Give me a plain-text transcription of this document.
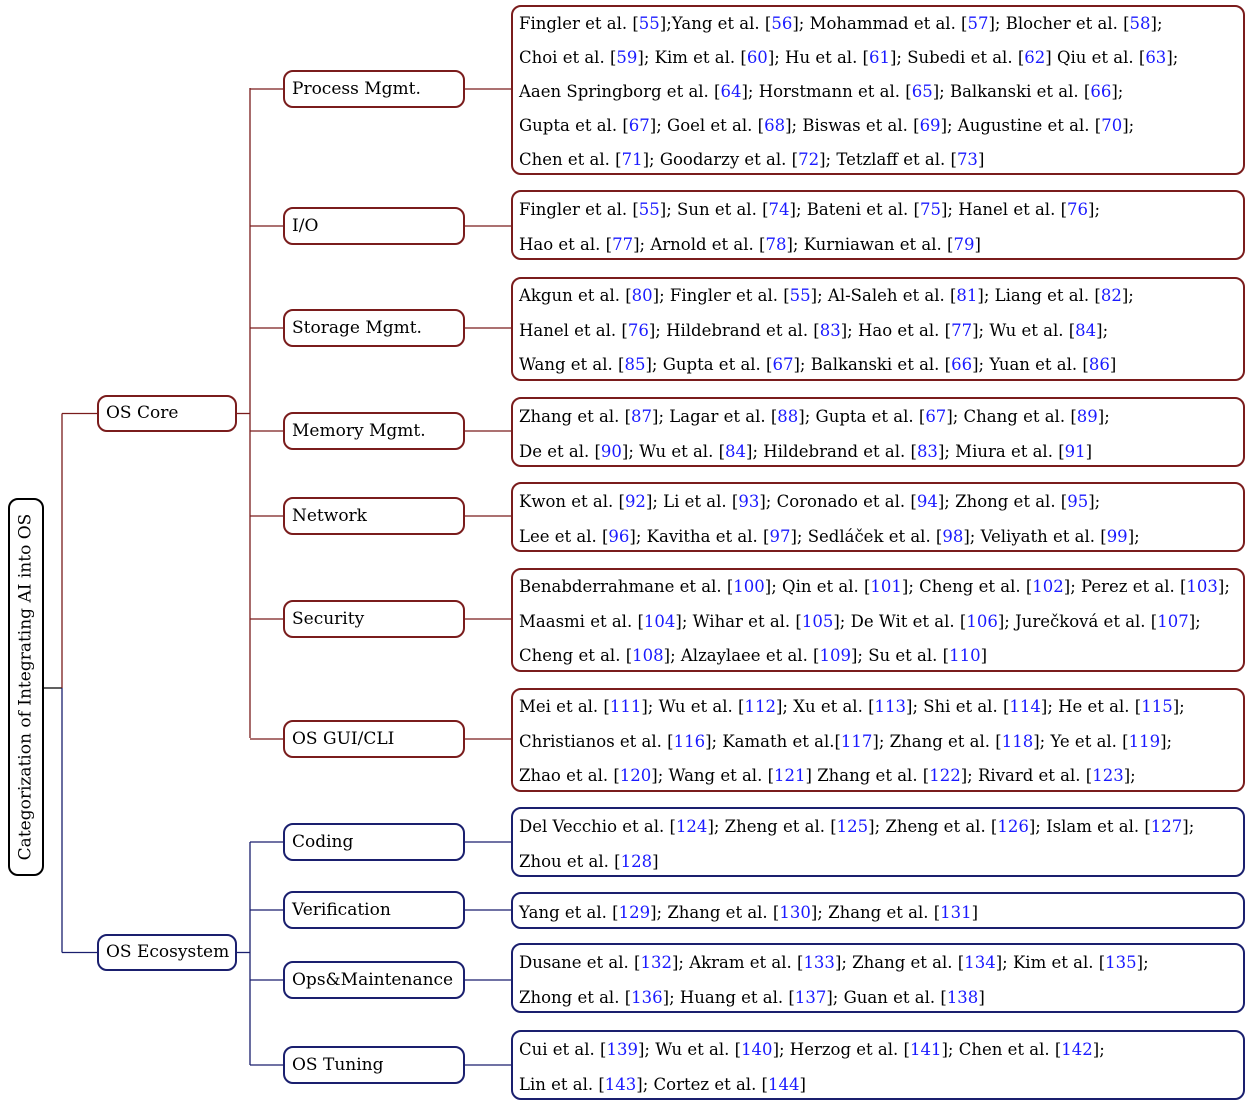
Categorization of Integrating AI into OS
OS Core
Process Mgmt.
Fingler et al. [55];Yang et al. [56]; Mohammad et al. [57]; Blocher et al. [58];
Choi et al. [59]; Kim et al. [60]; Hu et al. [61]; Subedi et al. [62] Qiu et al. [63];
Aaen Springborg et al. [64]; Horstmann et al. [65]; Balkanski et al. [66];
Gupta et al. [67]; Goel et al. [68]; Biswas et al. [69]; Augustine et al. [70];
Chen et al. [71]; Goodarzy et al. [72]; Tetzlaff et al. [73]
I/O
Fingler et al. [55]; Sun et al. [74]; Bateni et al. [75]; Hanel et al. [76];
Hao et al. [77]; Arnold et al. [78]; Kurniawan et al. [79]
Storage Mgmt.
Akgun et al. [80]; Fingler et al. [55]; Al-Saleh et al. [81]; Liang et al. [82];
Hanel et al. [76]; Hildebrand et al. [83]; Hao et al. [77]; Wu et al. [84];
Wang et al. [85]; Gupta et al. [67]; Balkanski et al. [66]; Yuan et al. [86]
Memory Mgmt.
Zhang et al. [87]; Lagar et al. [88]; Gupta et al. [67]; Chang et al. [89];
De et al. [90]; Wu et al. [84]; Hildebrand et al. [83]; Miura et al. [91]
Network
Kwon et al. [92]; Li et al. [93]; Coronado et al. [94]; Zhong et al. [95];
Lee et al. [96]; Kavitha et al. [97]; Sedláček et al. [98]; Veliyath et al. [99];
Security
Benabderrahmane et al. [100]; Qin et al. [101]; Cheng et al. [102]; Perez et al. [103];
Maasmi et al. [104]; Wihar et al. [105]; De Wit et al. [106]; Jurečková et al. [107];
Cheng et al. [108]; Alzaylaee et al. [109]; Su et al. [110]
OS GUI/CLI
Mei et al. [111]; Wu et al. [112]; Xu et al. [113]; Shi et al. [114]; He et al. [115];
Christianos et al. [116]; Kamath et al.[117]; Zhang et al. [118]; Ye et al. [119];
Zhao et al. [120]; Wang et al. [121] Zhang et al. [122]; Rivard et al. [123];
OS Ecosystem
Coding
Del Vecchio et al. [124]; Zheng et al. [125]; Zheng et al. [126]; Islam et al. [127];
Zhou et al. [128]
Verification	Yang et al. [129]; Zhang et al. [130]; Zhang et al. [131]
Ops&Maintenance
Dusane et al. [132]; Akram et al. [133]; Zhang et al. [134]; Kim et al. [135];
Zhong et al. [136]; Huang et al. [137]; Guan et al. [138]
OS Tuning
Cui et al. [139]; Wu et al. [140]; Herzog et al. [141]; Chen et al. [142];
Lin et al. [143]; Cortez et al. [144]
